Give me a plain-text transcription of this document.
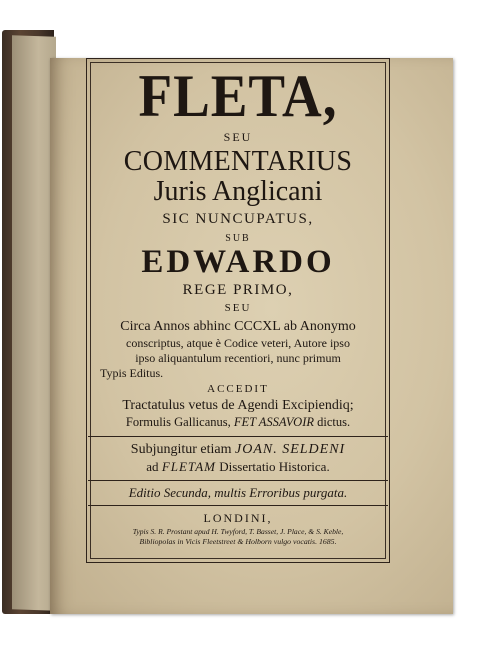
FLETA,
SEU
COMMENTARIUS
Juris Anglicani
SIC NUNCUPATUS,
SUB
EDWARDO
REGE PRIMO,
SEU
Circa Annos abhinc CCCXL ab Anonymo
conscriptus, atque è Codice veteri, Autore ipso
ipso aliquantulum recentiori, nunc primum
Typis Editus.
ACCEDIT
Tractatulus vetus de Agendi Excipiendiq;
Formulis Gallicanus, FET ASSAVOIR dictus.
Subjungitur etiam JOAN. SELDENI
ad FLETAM Dissertatio Historica.
Editio Secunda, multis Erroribus purgata.
LONDINI,
Typis S. R. Prostant apud H. Twyford, T. Basset, J. Place, & S. Keble,
Bibliopolas in Vicis Fleetstreet & Holborn vulgo vocatis. 1685.
